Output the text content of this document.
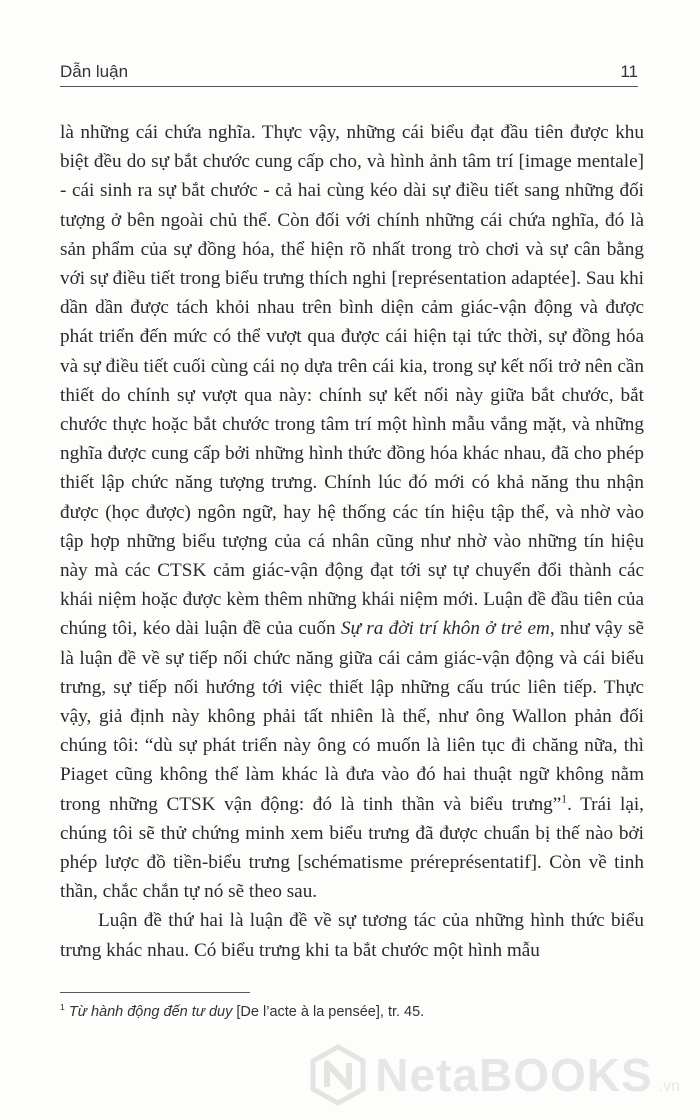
Dẫn luận	11

là những cái chứa nghĩa. Thực vậy, những cái biểu đạt đầu tiên được khu biệt đều do sự bắt chước cung cấp cho, và hình ảnh tâm trí [image mentale] - cái sinh ra sự bắt chước - cả hai cùng kéo dài sự điều tiết sang những đối tượng ở bên ngoài chủ thể. Còn đối với chính những cái chứa nghĩa, đó là sản phẩm của sự đồng hóa, thể hiện rõ nhất trong trò chơi và sự cân bằng với sự điều tiết trong biểu trưng thích nghi [représentation adaptée]. Sau khi dần dần được tách khỏi nhau trên bình diện cảm giác-vận động và được phát triển đến mức có thể vượt qua được cái hiện tại tức thời, sự đồng hóa và sự điều tiết cuối cùng cái nọ dựa trên cái kia, trong sự kết nối trở nên cần thiết do chính sự vượt qua này: chính sự kết nối này giữa bắt chước, bắt chước thực hoặc bắt chước trong tâm trí một hình mẫu vắng mặt, và những nghĩa được cung cấp bởi những hình thức đồng hóa khác nhau, đã cho phép thiết lập chức năng tượng trưng. Chính lúc đó mới có khả năng thu nhận được (học được) ngôn ngữ, hay hệ thống các tín hiệu tập thể, và nhờ vào tập hợp những biểu tượng của cá nhân cũng như nhờ vào những tín hiệu này mà các CTSK cảm giác-vận động đạt tới sự tự chuyển đổi thành các khái niệm hoặc được kèm thêm những khái niệm mới. Luận đề đầu tiên của chúng tôi, kéo dài luận đề của cuốn Sự ra đời trí khôn ở trẻ em, như vậy sẽ là luận đề về sự tiếp nối chức năng giữa cái cảm giác-vận động và cái biểu trưng, sự tiếp nối hướng tới việc thiết lập những cấu trúc liên tiếp. Thực vậy, giả định này không phải tất nhiên là thế, như ông Wallon phản đối chúng tôi: “dù sự phát triển này ông có muốn là liên tục đi chăng nữa, thì Piaget cũng không thể làm khác là đưa vào đó hai thuật ngữ không nằm trong những CTSK vận động: đó là tinh thần và biểu trưng”$^1$. Trái lại, chúng tôi sẽ thử chứng minh xem biểu trưng đã được chuẩn bị thế nào bởi phép lược đồ tiền-biểu trưng [schématisme préreprésentatif]. Còn về tinh thần, chắc chắn tự nó sẽ theo sau.

Luận đề thứ hai là luận đề về sự tương tác của những hình thức biểu trưng khác nhau. Có biểu trưng khi ta bắt chước một hình mẫu

$^1$ Từ hành động đến tư duy [De l’acte à la pensée], tr. 45.
NetaBOOKS .vn
